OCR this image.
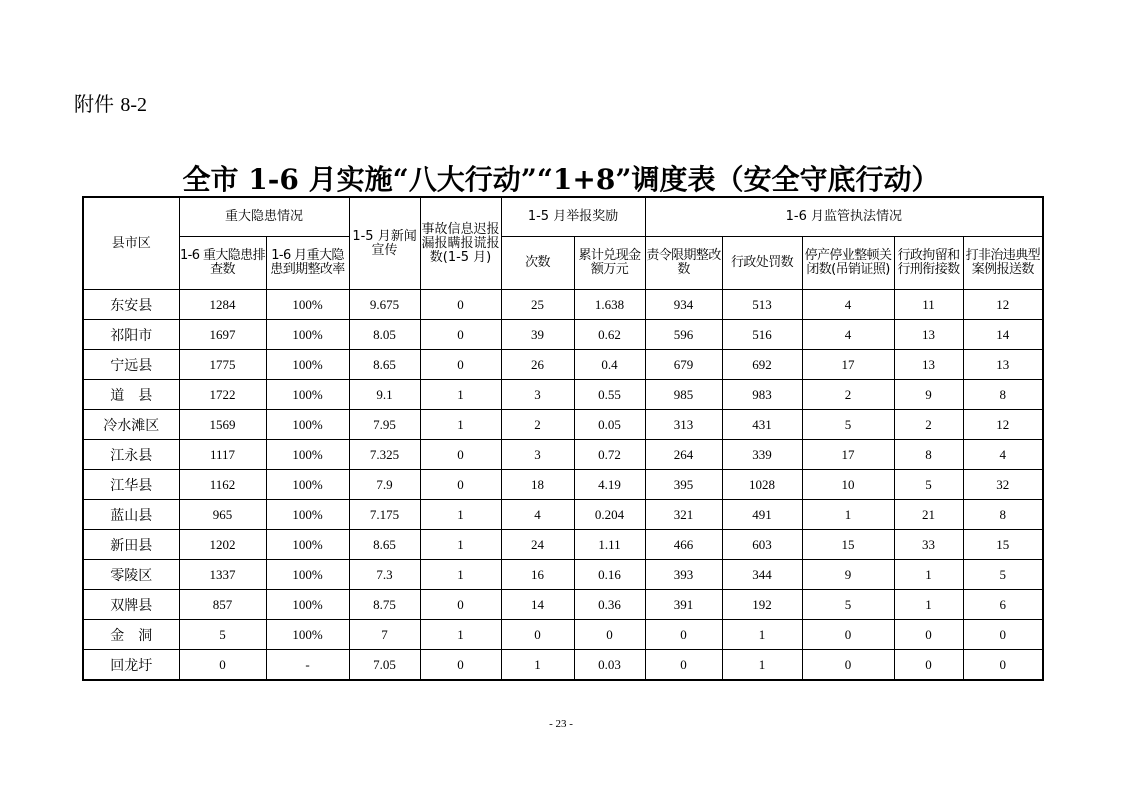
附件 8-2
全市 1-6 月实施“八大行动”“1+8”调度表（安全守底行动）
县市区	重大隐患情况		1-5 月新闻宣传	事故信息迟报漏报瞒报谎报数(1-5 月)	1-5 月举报奖励		1-6 月监管执法情况				
	1-6 重大隐患排查数	1-6 月重大隐患到期整改率			次数	累计兑现金额万元	责令限期整改数	行政处罚数	停产停业整顿关闭数(吊销证照)	行政拘留和行刑衔接数	打非治违典型案例报送数
东安县	1284	100%	9.675	0	25	1.638	934	513	4	11	12
祁阳市	1697	100%	8.05	0	39	0.62	596	516	4	13	14
宁远县	1775	100%	8.65	0	26	0.4	679	692	17	13	13
道　县	1722	100%	9.1	1	3	0.55	985	983	2	9	8
冷水滩区	1569	100%	7.95	1	2	0.05	313	431	5	2	12
江永县	1117	100%	7.325	0	3	0.72	264	339	17	8	4
江华县	1162	100%	7.9	0	18	4.19	395	1028	10	5	32
蓝山县	965	100%	7.175	1	4	0.204	321	491	1	21	8
新田县	1202	100%	8.65	1	24	1.11	466	603	15	33	15
零陵区	1337	100%	7.3	1	16	0.16	393	344	9	1	5
双牌县	857	100%	8.75	0	14	0.36	391	192	5	1	6
金　洞	5	100%	7	1	0	0	0	1	0	0	0
回龙圩	0	-	7.05	0	1	0.03	0	1	0	0	0
- 23 -
